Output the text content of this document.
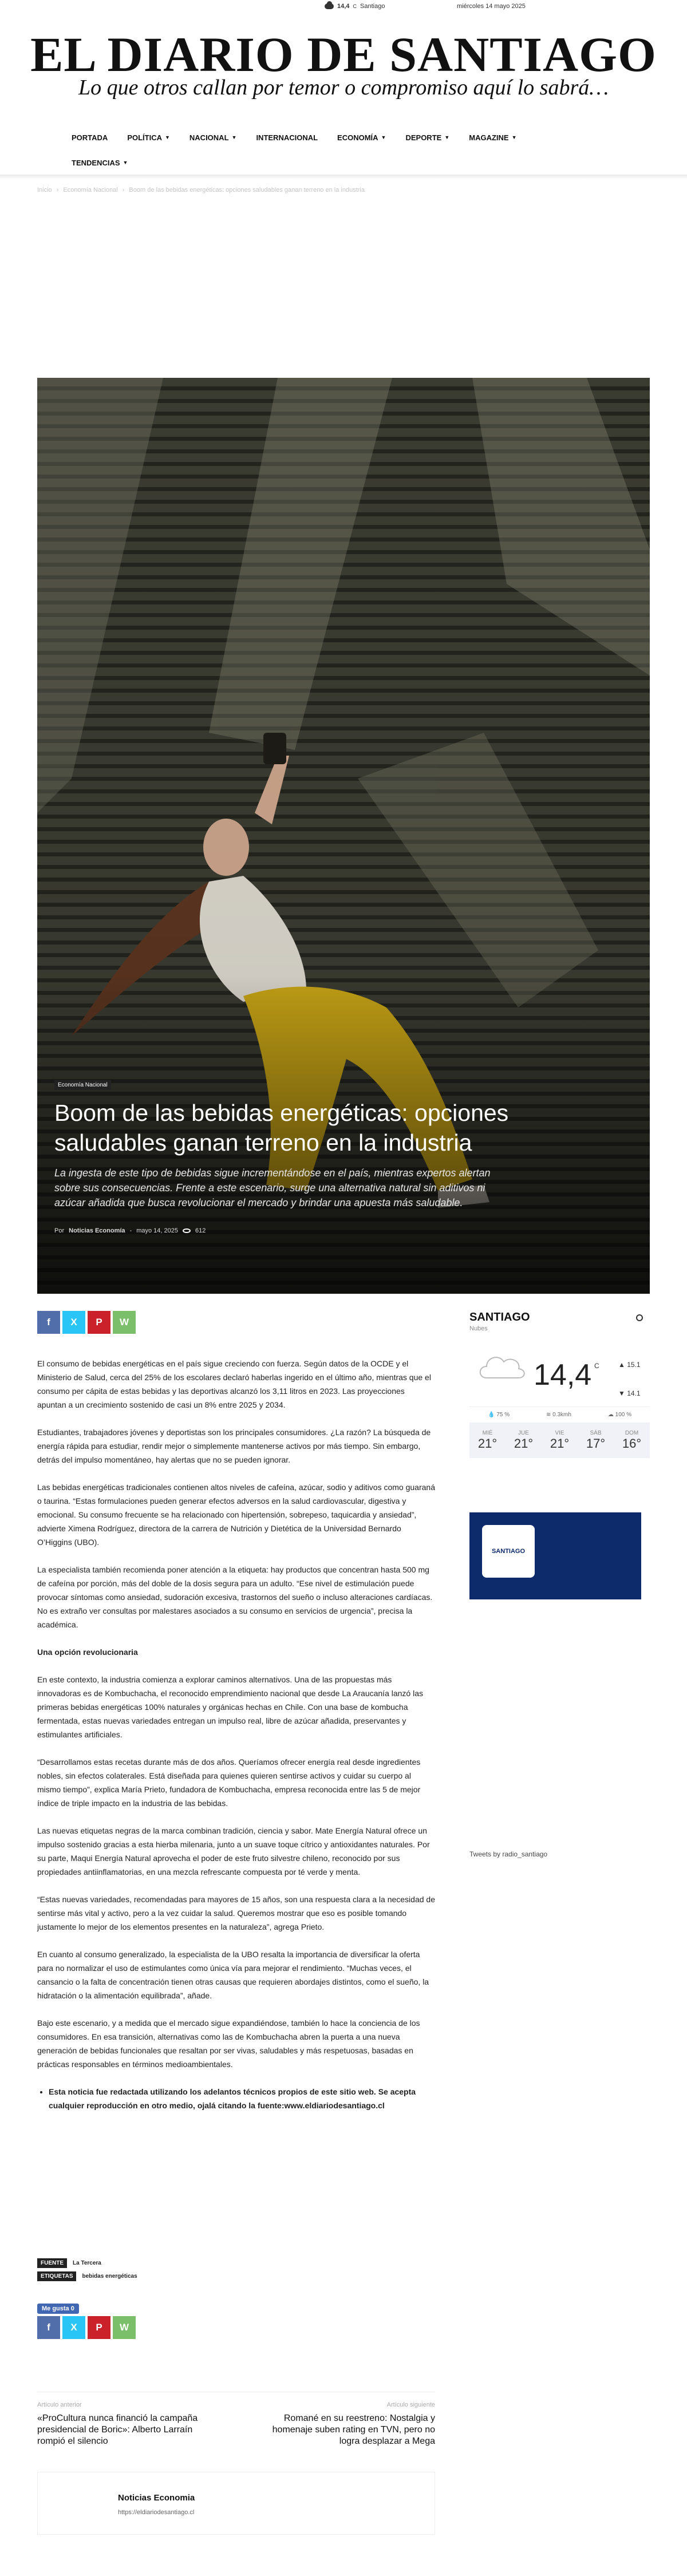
14,4 C Santiago	miércoles 14 mayo 2025
EL DIARIO DE SANTIAGO
Lo que otros callan por temor o compromiso aquí lo sabrá…
PORTADA	POLÍTICA ▼	NACIONAL ▼	INTERNACIONAL	ECONOMÍA ▼	DEPORTE ▼	MAGAZINE ▼
TENDENCIAS ▼
Inicio › Economía Nacional › Boom de las bebidas energéticas: opciones saludables ganan terreno en la industria
Economía Nacional
Boom de las bebidas energéticas: opciones saludables ganan terreno en la industria
La ingesta de este tipo de bebidas sigue incrementándose en el país, mientras expertos alertan sobre sus consecuencias. Frente a este escenario, surge una alternativa natural sin aditivos ni azúcar añadida que busca revolucionar el mercado y brindar una apuesta más saludable.
Por Noticias Economía - mayo 14, 2025	612
f	X	P	W

El consumo de bebidas energéticas en el país sigue creciendo con fuerza. Según datos de la OCDE y el Ministerio de Salud, cerca del 25% de los escolares declaró haberlas ingerido en el último año, mientras que el consumo per cápita de estas bebidas y las deportivas alcanzó los 3,11 litros en 2023. Las proyecciones apuntan a un crecimiento sostenido de casi un 8% entre 2025 y 2034.

Estudiantes, trabajadores jóvenes y deportistas son los principales consumidores. ¿La razón? La búsqueda de energía rápida para estudiar, rendir mejor o simplemente mantenerse activos por más tiempo. Sin embargo, detrás del impulso momentáneo, hay alertas que no se pueden ignorar.

Las bebidas energéticas tradicionales contienen altos niveles de cafeína, azúcar, sodio y aditivos como guaraná o taurina. “Estas formulaciones pueden generar efectos adversos en la salud cardiovascular, digestiva y emocional. Su consumo frecuente se ha relacionado con hipertensión, sobrepeso, taquicardia y ansiedad”, advierte Ximena Rodríguez, directora de la carrera de Nutrición y Dietética de la Universidad Bernardo O’Higgins (UBO).

La especialista también recomienda poner atención a la etiqueta: hay productos que concentran hasta 500 mg de cafeína por porción, más del doble de la dosis segura para un adulto. “Ese nivel de estimulación puede provocar síntomas como ansiedad, sudoración excesiva, trastornos del sueño o incluso alteraciones cardíacas. No es extraño ver consultas por malestares asociados a su consumo en servicios de urgencia”, precisa la académica.

Una opción revolucionaria

En este contexto, la industria comienza a explorar caminos alternativos. Una de las propuestas más innovadoras es de Kombuchacha, el reconocido emprendimiento nacional que desde La Araucanía lanzó las primeras bebidas energéticas 100% naturales y orgánicas hechas en Chile. Con una base de kombucha fermentada, estas nuevas variedades entregan un impulso real, libre de azúcar añadida, preservantes y estimulantes artificiales.

“Desarrollamos estas recetas durante más de dos años. Queríamos ofrecer energía real desde ingredientes nobles, sin efectos colaterales. Está diseñada para quienes quieren sentirse activos y cuidar su cuerpo al mismo tiempo”, explica María Prieto, fundadora de Kombuchacha, empresa reconocida entre las 5 de mejor índice de triple impacto en la industria de las bebidas.

Las nuevas etiquetas negras de la marca combinan tradición, ciencia y sabor. Mate Energía Natural ofrece un impulso sostenido gracias a esta hierba milenaria, junto a un suave toque cítrico y antioxidantes naturales. Por su parte, Maqui Energía Natural aprovecha el poder de este fruto silvestre chileno, reconocido por sus propiedades antiinflamatorias, en una mezcla refrescante compuesta por té verde y menta.

“Estas nuevas variedades, recomendadas para mayores de 15 años, son una respuesta clara a la necesidad de sentirse más vital y activo, pero a la vez cuidar la salud. Queremos mostrar que eso es posible tomando justamente lo mejor de los elementos presentes en la naturaleza”, agrega Prieto.

En cuanto al consumo generalizado, la especialista de la UBO resalta la importancia de diversificar la oferta para no normalizar el uso de estimulantes como única vía para mejorar el rendimiento. “Muchas veces, el cansancio o la falta de concentración tienen otras causas que requieren abordajes distintos, como el sueño, la hidratación o la alimentación equilibrada”, añade.

Bajo este escenario, y a medida que el mercado sigue expandiéndose, también lo hace la conciencia de los consumidores. En esa transición, alternativas como las de Kombuchacha abren la puerta a una nueva generación de bebidas funcionales que resaltan por ser vivas, saludables y más respetuosas, basadas en prácticas responsables en términos medioambientales.

• Esta noticia fue redactada utilizando los adelantos técnicos propios de este sitio web. Se acepta cualquier reproducción en otro medio, ojalá citando la fuente:www.eldiariodesantiago.cl
SANTIAGO
Nubes
14,4 C	▲ 15.1
▼ 14.1
💧 75 %	≋ 0.3kmh	☁ 100 %
MIÉ
21°
JUE
21°
VIE
21°
SÁB
17°
DOM
16°
SANTIAGO
Tweets by radio_santiago
FUENTE	La Tercera
ETIQUETAS	bebidas energéticas
Me gusta 0
f	X	P	W
Artículo anterior
«ProCultura nunca financió la campaña presidencial de Boric»: Alberto Larraín rompió el silencio
Artículo siguiente
Romané en su reestreno: Nostalgia y homenaje suben rating en TVN, pero no logra desplazar a Mega
Noticias Economia
https://eldiariodesantiago.cl
